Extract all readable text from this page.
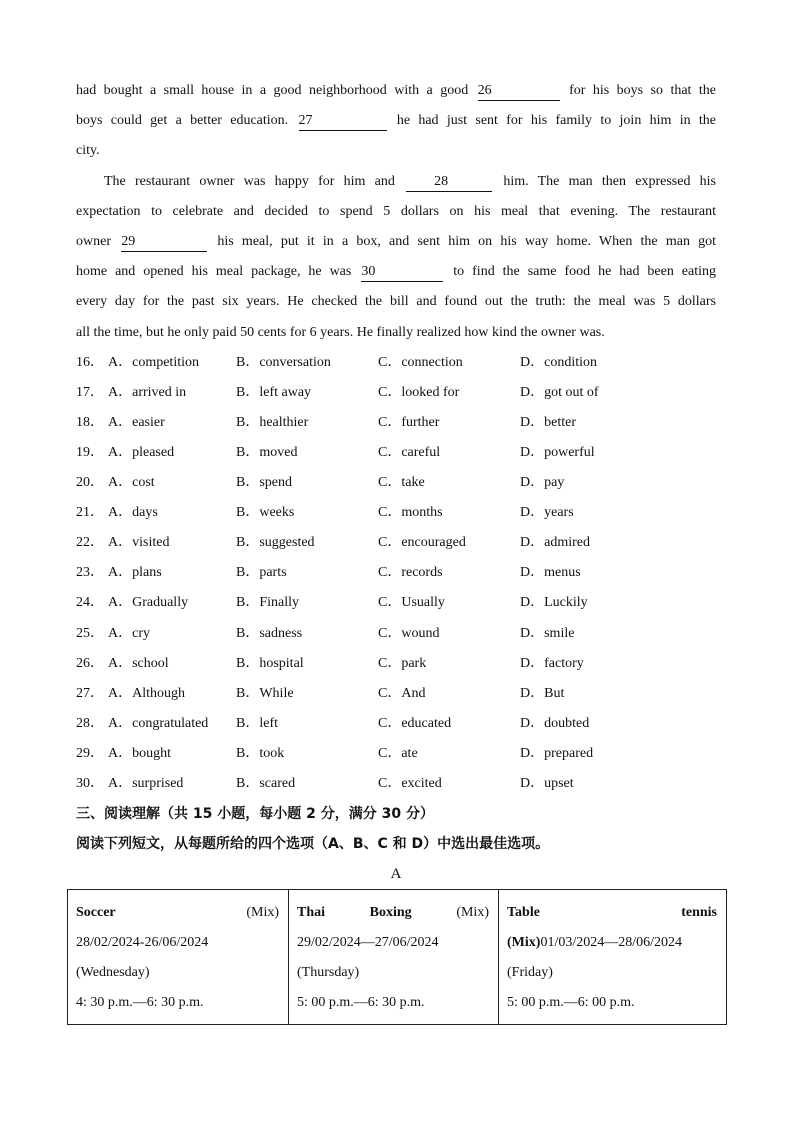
had bought a small house in a good neighborhood with a good 26	for his boys so that the
boys could get a better education. 27	he had just sent for his family to join him in the
city.
The restaurant owner was happy for him and	28	him. The man then expressed his
expectation to celebrate and decided to spend 5 dollars on his meal that evening. The restaurant
owner 29	his meal, put it in a box, and sent him on his way home. When the man got
home and opened his meal package, he was 30	to find the same food he had been eating
every day for the past six years. He checked the bill and found out the truth: the meal was 5 dollars
all the time, but he only paid 50 cents for 6 years. He finally realized how kind the owner was.
16． A．competition	B．conversation	C．connection	D．condition
17． A．arrived in	B．left away	C．looked for	D．got out of
18． A．easier	B．healthier	C．further	D．better
19． A．pleased	B．moved	C．careful	D．powerful
20． A．cost	B．spend	C．take	D．pay
21． A．days	B．weeks	C．months	D．years
22． A．visited	B．suggested	C．encouraged	D．admired
23． A．plans	B．parts	C．records	D．menus
24． A．Gradually	B．Finally	C．Usually	D．Luckily
25． A．cry	B．sadness	C．wound	D．smile
26． A．school	B．hospital	C．park	D．factory
27． A．Although	B．While	C．And	D．But
28． A．congratulated B．left	C．educated	D．doubted
29． A．bought	B．took	C．ate	D．prepared
30． A．surprised	B．scared	C．excited	D．upset
三、阅读理解（共 15 小题，每小题 2 分，满分 30 分）
阅读下列短文，从每题所给的四个选项（A、B、C 和 D）中选出最佳选项。
A
Soccer	(Mix)
28/02/2024-26/06/2024
(Wednesday)
4: 30 p.m.—6: 30 p.m.

Thai	Boxing	(Mix)
29/02/2024—27/06/2024
(Thursday)
5: 00 p.m.—6: 30 p.m.

Table	tennis
(Mix)01/03/2024—28/06/2024
(Friday)
5: 00 p.m.—6: 00 p.m.
